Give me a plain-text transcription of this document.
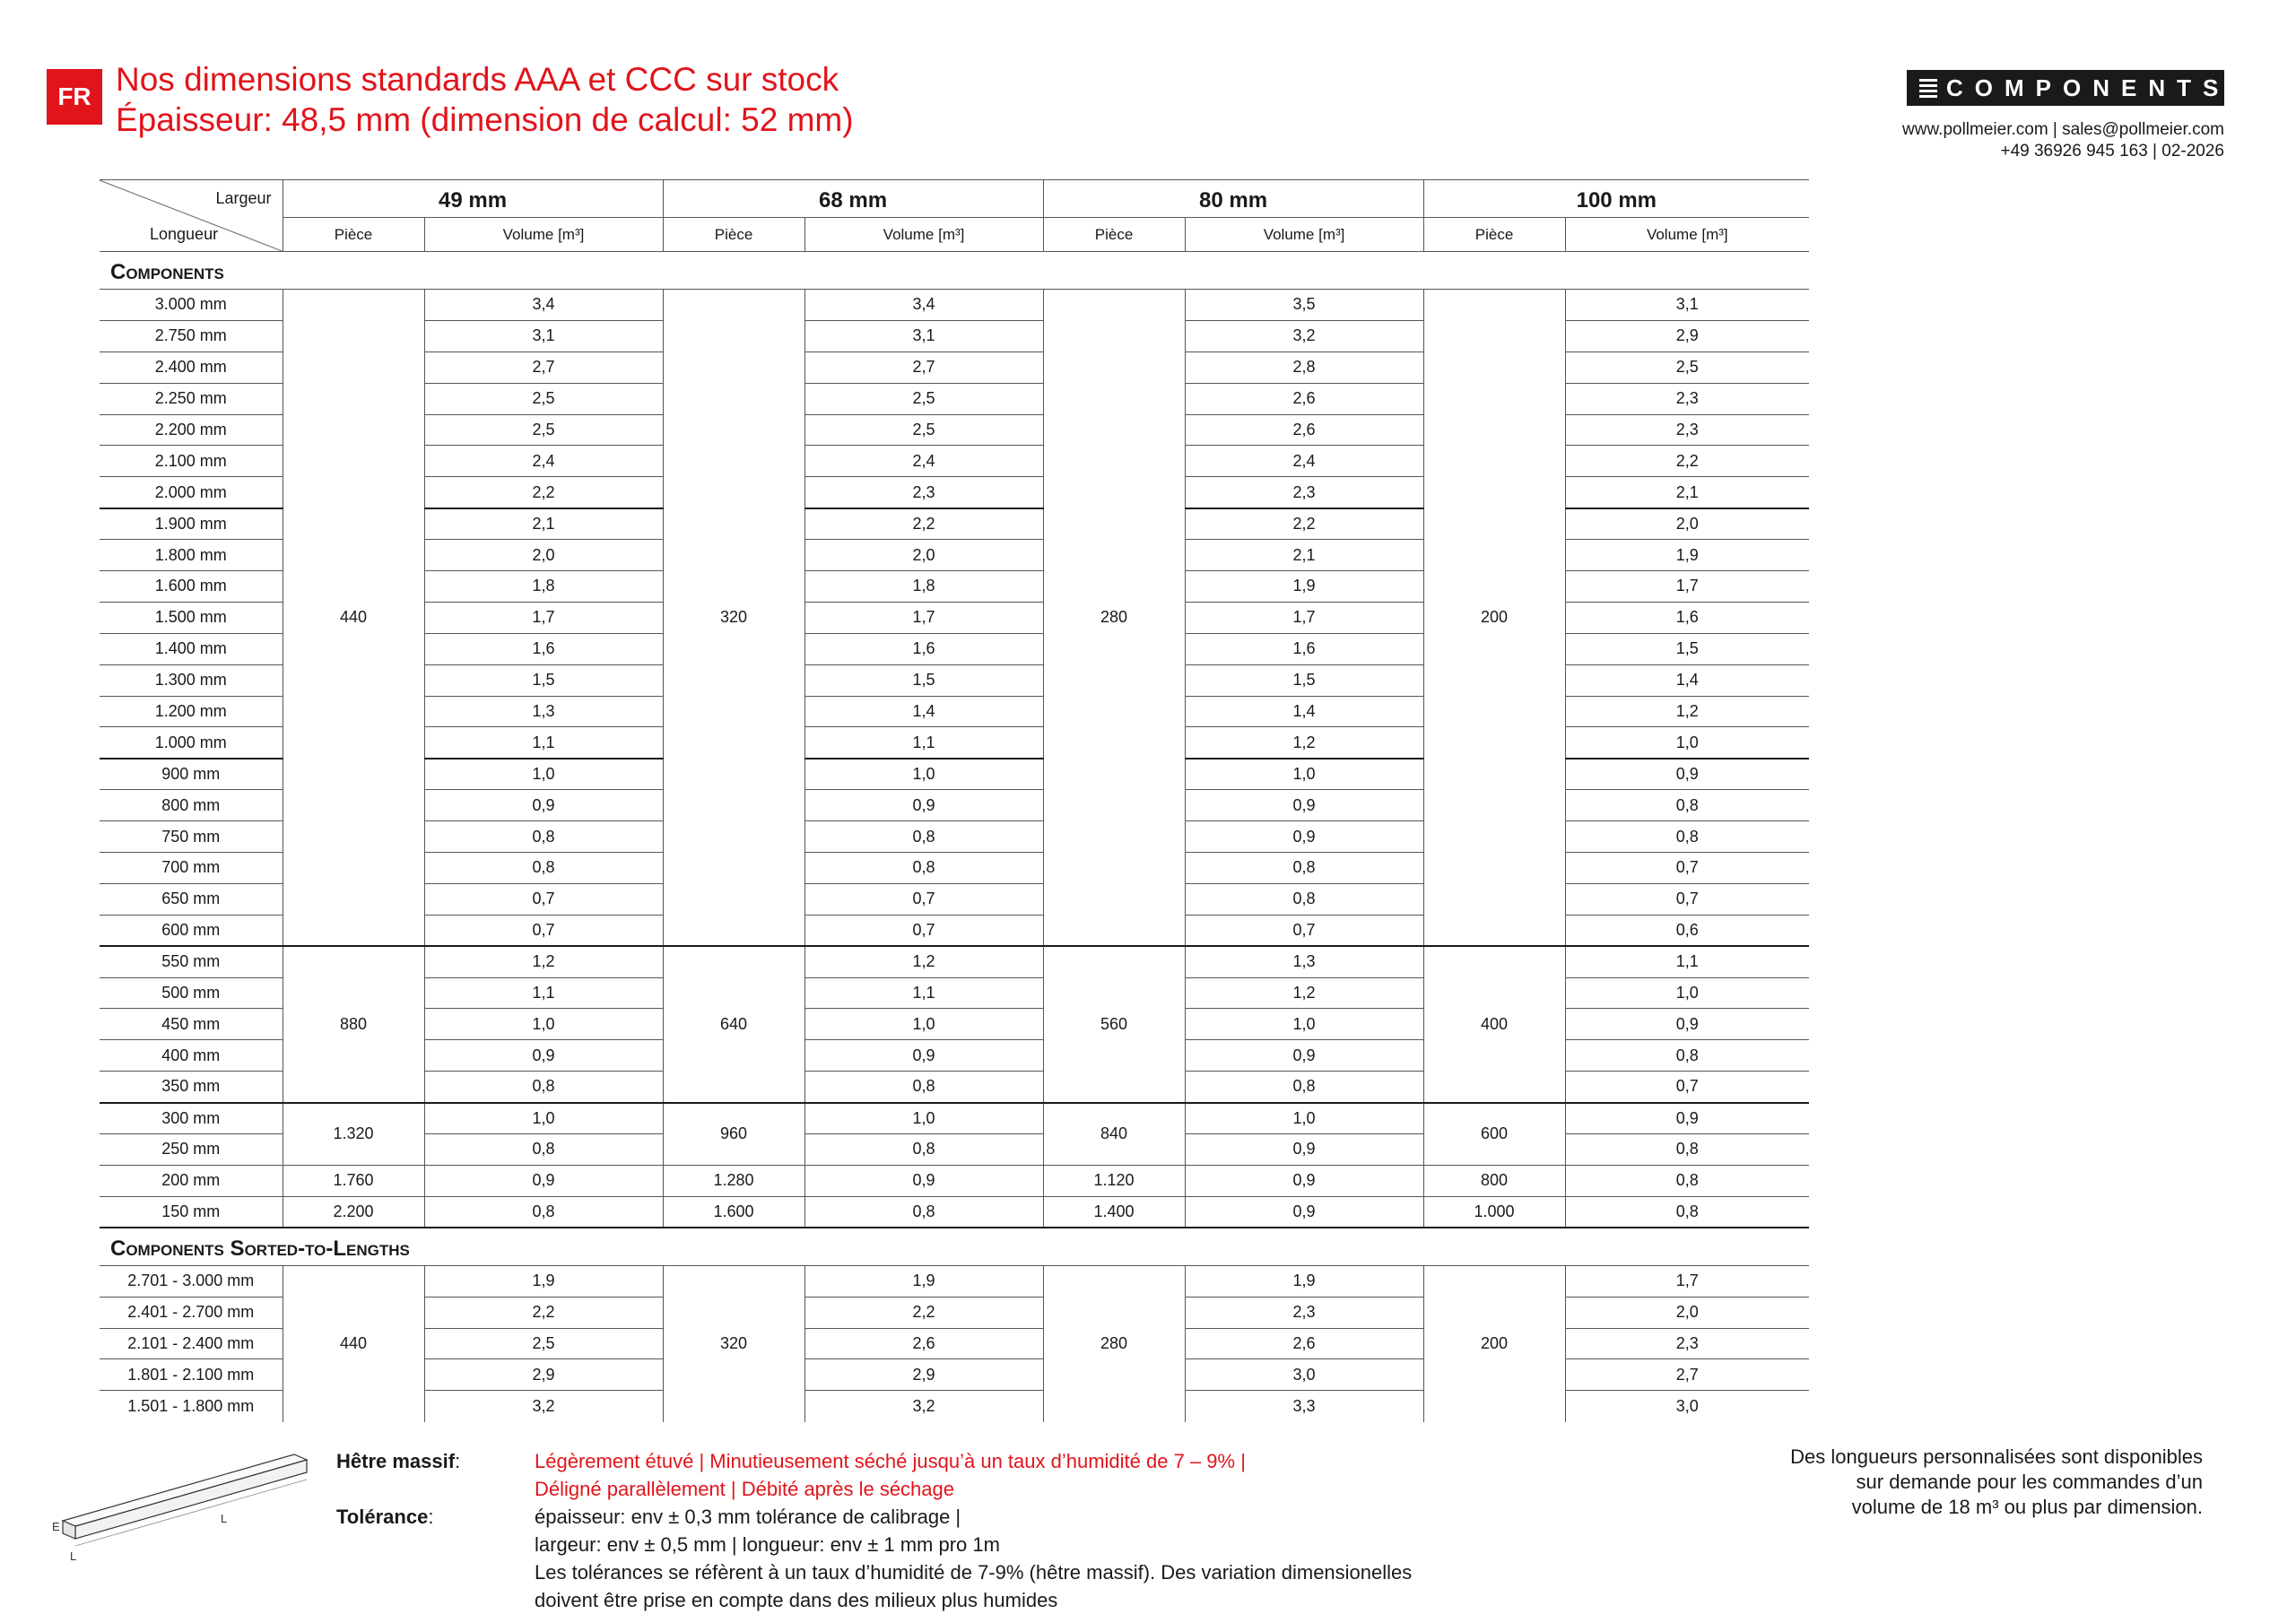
FR Nos dimensions standards AAA et CCC sur stock
Épaisseur: 48,5 mm (dimension de calcul: 52 mm)
COMPONENTS
www.pollmeier.com | sales@pollmeier.com
+49 36926 945 163 | 02-2026
Largeur
Longueur	49 mm		68 mm		80 mm		100 mm	
	Pièce	Volume [m³]	Pièce	Volume [m³]	Pièce	Volume [m³]	Pièce	Volume [m³]
Components								
3.000 mm	440	3,4	320	3,4	280	3,5	200	3,1
2.750 mm		3,1		3,1		3,2		2,9
2.400 mm		2,7		2,7		2,8		2,5
2.250 mm		2,5		2,5		2,6		2,3
2.200 mm		2,5		2,5		2,6		2,3
2.100 mm		2,4		2,4		2,4		2,2
2.000 mm		2,2		2,3		2,3		2,1
1.900 mm		2,1		2,2		2,2		2,0
1.800 mm		2,0		2,0		2,1		1,9
1.600 mm		1,8		1,8		1,9		1,7
1.500 mm		1,7		1,7		1,7		1,6
1.400 mm		1,6		1,6		1,6		1,5
1.300 mm		1,5		1,5		1,5		1,4
1.200 mm		1,3		1,4		1,4		1,2
1.000 mm		1,1		1,1		1,2		1,0
900 mm		1,0		1,0		1,0		0,9
800 mm		0,9		0,9		0,9		0,8
750 mm		0,8		0,8		0,9		0,8
700 mm		0,8		0,8		0,8		0,7
650 mm		0,7		0,7		0,8		0,7
600 mm		0,7		0,7		0,7		0,6
550 mm	880	1,2	640	1,2	560	1,3	400	1,1
500 mm		1,1		1,1		1,2		1,0
450 mm		1,0		1,0		1,0		0,9
400 mm		0,9		0,9		0,9		0,8
350 mm		0,8		0,8		0,8		0,7
300 mm	1.320	1,0	960	1,0	840	1,0	600	0,9
250 mm		0,8		0,8		0,9		0,8
200 mm	1.760	0,9	1.280	0,9	1.120	0,9	800	0,8
150 mm	2.200	0,8	1.600	0,8	1.400	0,9	1.000	0,8
Components Sorted-to-Lengths								
2.701 - 3.000 mm	440	1,9	320	1,9	280	1,9	200	1,7
2.401 - 2.700 mm		2,2		2,2		2,3		2,0
2.101 - 2.400 mm		2,5		2,6		2,6		2,3
1.801 - 2.100 mm		2,9		2,9		3,0		2,7
1.501 - 1.800 mm		3,2		3,2		3,3		3,0
L
E
L
Hêtre massif:	Légèrement étuvé | Minutieusement séché jusqu’à un taux d’humidité de 7 – 9% |
Déligné parallèlement | Débité après le séchage
Tolérance:	épaisseur: env ± 0,3 mm tolérance de calibrage |
largeur: env ± 0,5 mm | longueur: env ± 1 mm pro 1m
Les tolérances se réfèrent à un taux d’humidité de 7-9% (hêtre massif). Des variation dimensionelles
doivent être prise en compte dans des milieux plus humides
Des longueurs personnalisées sont disponibles
sur demande pour les commandes d’un
volume de 18 m³ ou plus par dimension.
